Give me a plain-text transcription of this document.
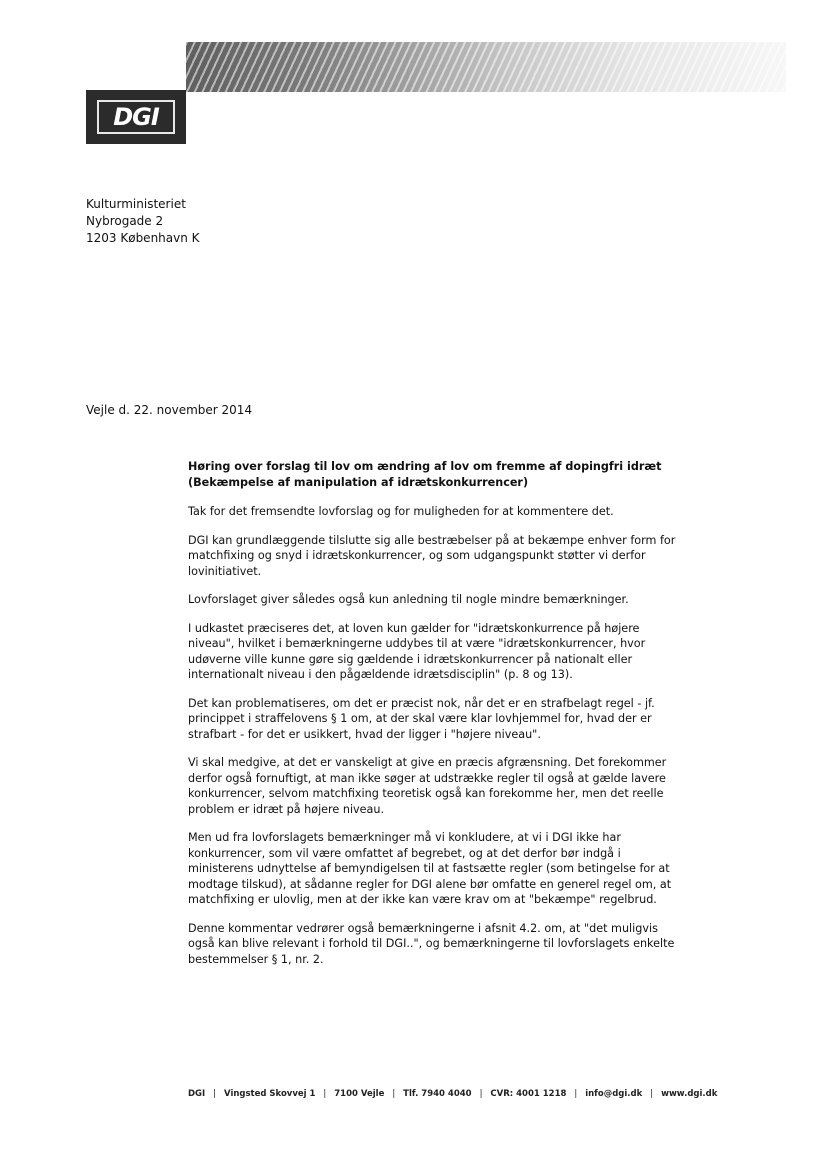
DGI
Kulturministeriet
Nybrogade 2
1203 København K
Vejle d. 22. november 2014
Høring over forslag til lov om ændring af lov om fremme af dopingfri idræt
(Bekæmpelse af manipulation af idrætskonkurrencer)

Tak for det fremsendte lovforslag og for muligheden for at kommentere det.

DGI kan grundlæggende tilslutte sig alle bestræbelser på at bekæmpe enhver form for matchfixing og snyd i idrætskonkurrencer, og som udgangspunkt støtter vi derfor lovinitiativet.

Lovforslaget giver således også kun anledning til nogle mindre bemærkninger.

I udkastet præciseres det, at loven kun gælder for "idrætskonkurrence på højere niveau", hvilket i bemærkningerne uddybes til at være "idrætskonkurrencer, hvor udøverne ville kunne gøre sig gældende i idrætskonkurrencer på nationalt eller internationalt niveau i den pågældende idrætsdisciplin" (p. 8 og 13).

Det kan problematiseres, om det er præcist nok, når det er en strafbelagt regel - jf. princippet i straffelovens § 1 om, at der skal være klar lovhjemmel for, hvad der er strafbart - for det er usikkert, hvad der ligger i "højere niveau".

Vi skal medgive, at det er vanskeligt at give en præcis afgrænsning. Det forekommer derfor også fornuftigt, at man ikke søger at udstrække regler til også at gælde lavere konkurrencer, selvom matchfixing teoretisk også kan forekomme her, men det reelle problem er idræt på højere niveau.

Men ud fra lovforslagets bemærkninger må vi konkludere, at vi i DGI ikke har konkurrencer, som vil være omfattet af begrebet, og at det derfor bør indgå i ministerens udnyttelse af bemyndigelsen til at fastsætte regler (som betingelse for at modtage tilskud), at sådanne regler for DGI alene bør omfatte en generel regel om, at matchfixing er ulovlig, men at der ikke kan være krav om at "bekæmpe" regelbrud.

Denne kommentar vedrører også bemærkningerne i afsnit 4.2. om, at "det muligvis også kan blive relevant i forhold til DGI..", og bemærkningerne til lovforslagets enkelte bestemmelser § 1, nr. 2.

DGI | Vingsted Skovvej 1 | 7100 Vejle | Tlf. 7940 4040 | CVR: 4001 1218 | info@dgi.dk | www.dgi.dk
